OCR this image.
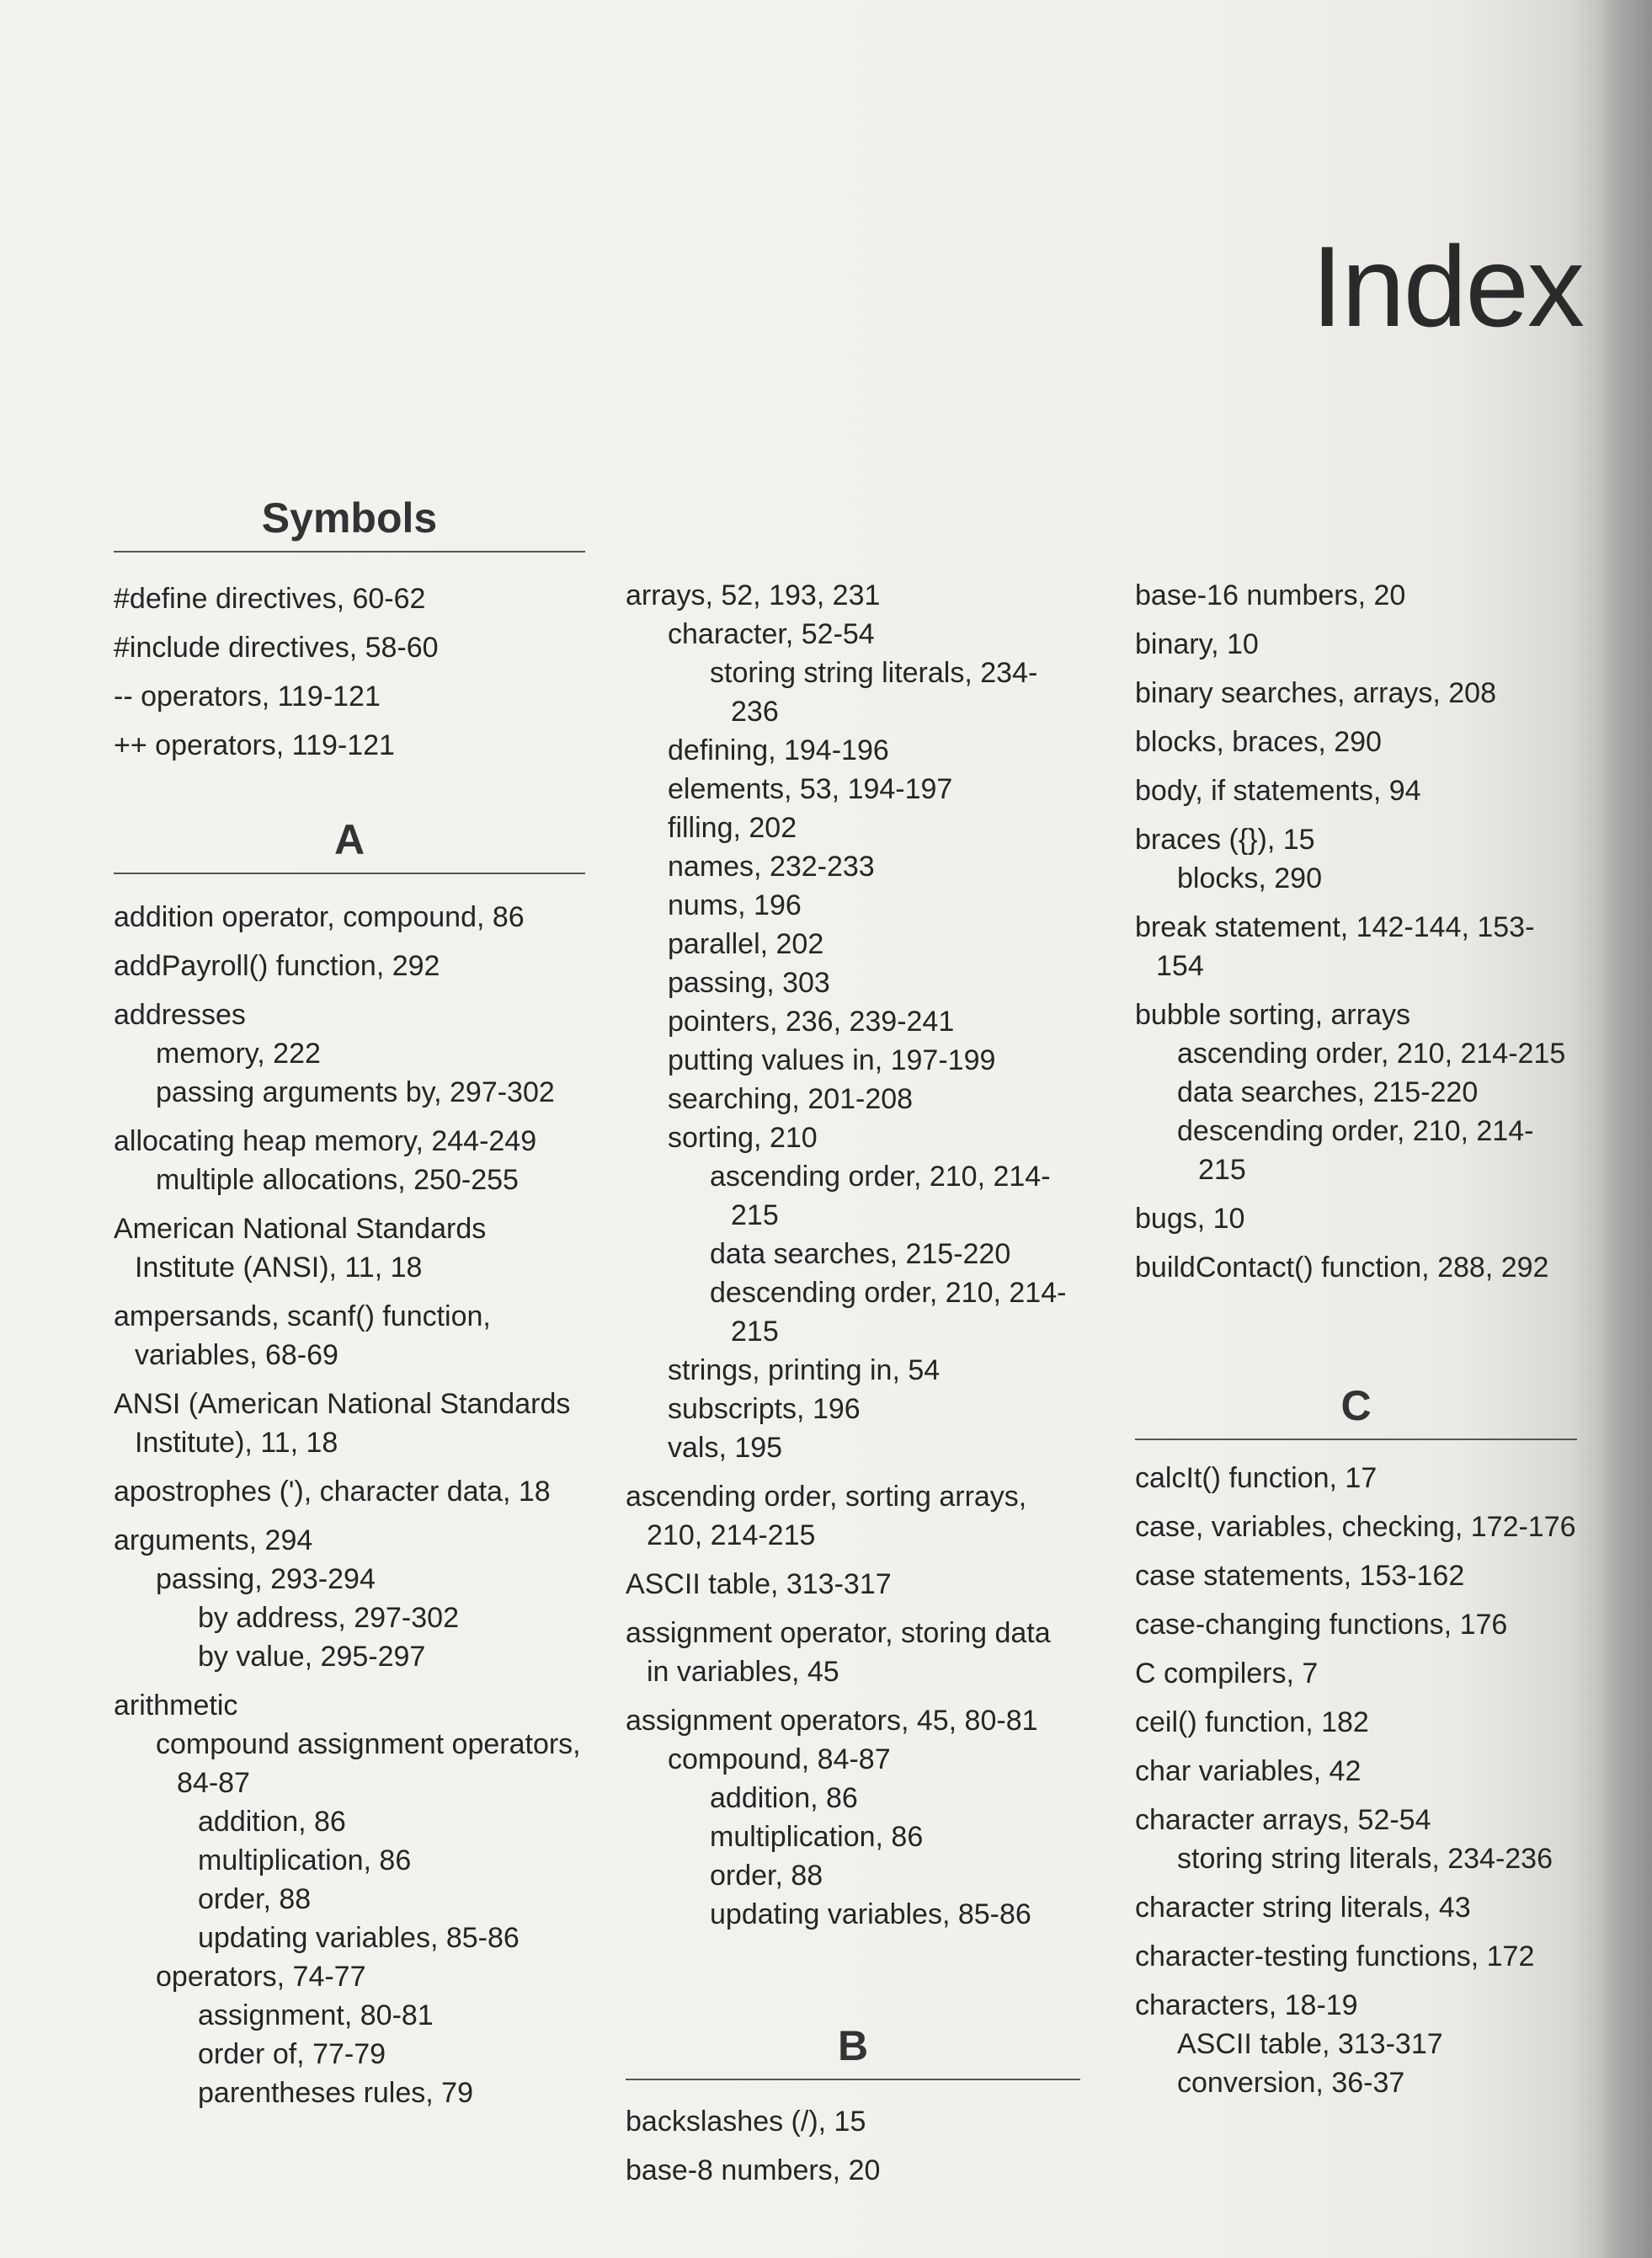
Index
Symbols
#define directives, 60-62
#include directives, 58-60
-- operators, 119-121
++ operators, 119-121
A
addition operator, compound, 86
addPayroll() function, 292
addresses
memory, 222
passing arguments by, 297-302
allocating heap memory, 244-249
multiple allocations, 250-255
American National Standards Institute (ANSI), 11, 18
ampersands, scanf() function, variables, 68-69
ANSI (American National Standards Institute), 11, 18
apostrophes ('), character data, 18
arguments, 294
passing, 293-294
by address, 297-302
by value, 295-297
arithmetic
compound assignment operators, 84-87
addition, 86
multiplication, 86
order, 88
updating variables, 85-86
operators, 74-77
assignment, 80-81
order of, 77-79
parentheses rules, 79
arrays, 52, 193, 231
character, 52-54
storing string literals, 234-236
defining, 194-196
elements, 53, 194-197
filling, 202
names, 232-233
nums, 196
parallel, 202
passing, 303
pointers, 236, 239-241
putting values in, 197-199
searching, 201-208
sorting, 210
ascending order, 210, 214-215
data searches, 215-220
descending order, 210, 214-215
strings, printing in, 54
subscripts, 196
vals, 195
ascending order, sorting arrays, 210, 214-215
ASCII table, 313-317
assignment operator, storing data in variables, 45
assignment operators, 45, 80-81
compound, 84-87
addition, 86
multiplication, 86
order, 88
updating variables, 85-86
B
backslashes (/), 15
base-8 numbers, 20
base-16 numbers, 20
binary, 10
binary searches, arrays, 208
blocks, braces, 290
body, if statements, 94
braces ({}), 15
blocks, 290
break statement, 142-144, 153-154
bubble sorting, arrays
ascending order, 210, 214-215
data searches, 215-220
descending order, 210, 214-215
bugs, 10
buildContact() function, 288, 292
C
calcIt() function, 17
case, variables, checking, 172-176
case statements, 153-162
case-changing functions, 176
C compilers, 7
ceil() function, 182
char variables, 42
character arrays, 52-54
storing string literals, 234-236
character string literals, 43
character-testing functions, 172
characters, 18-19
ASCII table, 313-317
conversion, 36-37
